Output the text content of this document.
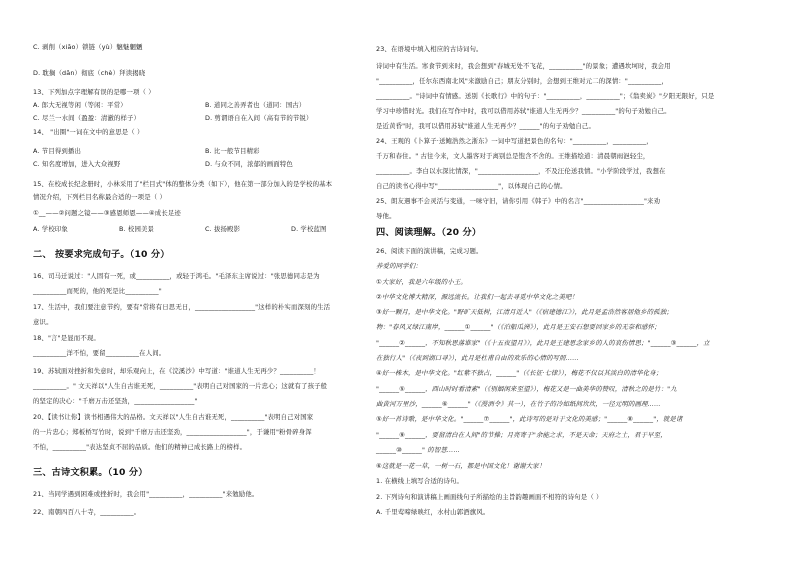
C. 剥削（xiāo）锁链（yù）魑魅魍魉
D. 耽搁（dān）彻底（chè）拜读揭晓
13、下列加点字理解有误的是哪一项（ ）
A. 郎大无视等闲（等闲：平常）	B. 道同之善弄者也（道同：国古）
C. 尽兰一水间（盈盈：清澈的样子）	D. 剪谓语自在入间（高有节的节锐）
14、 "出圈"一词在文中的意思是（ ）
A. 节目得到播出	B. 比一般节目精彩
C. 知名度增加，进入大众视野	D. 与众不同，浓郁的画面特色
15、在校成长纪念册时，小林采用了"栏目式"体的整体分类（如下），他在第一部分加入的是学校的基本
情况介绍，下列栏目名称最合适的一项是（ ）
①__——②问题之镜——③感恩师恩——④成长足迹
A. 学校印象	B. 校园美景	C. 拔扬殿影	D. 学校蓝图
二、 按要求完成句子。（10 分）
16、司马迁说过："人固有一死，或__________，或轻于鸿毛。"毛泽东主席说过："张思德同志是为
__________而死的，他的死是比__________"
17、生活中，我们要注意节约，要有"常将有日思无日，__________________"这样的朴实而深刻的生活
意识。
18、"言"是显而不现。
__________洋不怕，要留__________在人间。
19、苏轼面对挫折和失意时，却乐观向上，在《浣溪沙》中写道："谁道人生无再少？__________！
__________。" 文天祥以"人生自古谁无死，__________"表明自己对国家的一片忠心；这就有了孩子般
的坚定的决心："千磨万击还坚劲，__________________"
20、【读书让你】读书相遇伟大的品格。文天祥以"人生自古谁无死，__________"表明自己对国家
的一片忠心；郑板桥写竹时，说到"千磨万击还坚劲，__________________"，于谦用"粉骨碎身浑
不怕，__________"表达坚贞不屈的品质。他们的精神已成长路上的榜样。
三、古诗文积累。（10 分）
21、当同学遇到困难或挫折时，我会用"__________，__________"来勉励他。
22、南朝四百八十寺，__________。
23、在语境中填入相应的古诗词句。
诗词中有生活。寒食节到来时，我会想到"春城无处不飞花，__________"的景象；遭遇坎坷时，我会用
"__________，任尔东西南北风"来激励自己；朋友分别时，会想到王维对元二的深情："__________，
__________。"诗词中有情感。送别《长歌行》中的句子："__________，__________"；《翁卖炭》"夕阳无限好，只是
学习中珍惜时光。我们在写作中时，我可以借用苏轼"谁道人生无再少？__________"的句子劝勉自己。
是近黄昏"时，我可以借用苏轼"谁道人生无再少？______"的句子劝勉自己。
24、王观的《卜算子·送鲍浩然之浙东》一词中写道把景色的名句："__________，__________，
千万和春住。" 古往今来，文人墨客对于离别总是饱含不舍的。王维描绘道：清晨朝雨浥轻尘，
__________。李白以水深比情深，"__________________，不及汪伦送我情。"小学阶段学过，我想在
自己的读书心得中写"__________________"，以体现自己的心情。
25、朗友遇事不会灵活与变通，一味守旧，请你引用《韩子》中的名言"__________________"来劝
导他。
四、阅读理解。（20 分）
26、阅读下面的演讲稿，完成习题。
养爱的同学们：
①大家好，我是六年级的小王。
②中华文化博大精深，源远流长。让我们一起去寻觅中华文化之美吧！
③好一颗月，是中华文化。"野旷天低树，江清月近人"（《宿建德江》），此月是孟浩然客居他乡的孤独；
物："春风又绿江南岸，______①______"（《泊船瓜洲》），此月是王安石想要回家乡的无奈和感怀；
"______②______，不知秋思落谁家"（《十五夜望月》），此月是王建思念家乡的人的哀伤情思；"______③______，立
在独行人"（《夜到湖口寻》），此月是杜甫自由的欢乐的心情的写照……
④好一株木，是中华文化。"红紫不独占，______"（《长征·七律》），梅花不仅以其淡白的清华化身；
"______⑤______，西山时时看清素"（《别姻闲来至望》），梅花又是一曲美华的赞叹，清秋之的是竹："九
曲黄河万里沙，______⑥______"（《漫酒令》其一），在竹子的冷如纸间坎坎，一径元明的画理……
⑤好一首诗歌，是中华文化。"______⑦______"，此诗写的是对于文化的美感；"______⑧______"，就是诸
"______⑨______，要留清白在人间"的节操；月亮寄于"余能之求，不是天命；天府之土，君于早至，
______⑩______" 的智慧……
⑥这就是一花一草，一树一石，都是中国文化！谢谢大家！
1. 在横线上填写合适的诗句。
2. 下列诗句和演讲稿上画面线句子所描绘的主旨韵趣画面不相符的诗句是（ ）
A. 千里莺啼绿映红，水村山郭酒旗风。
